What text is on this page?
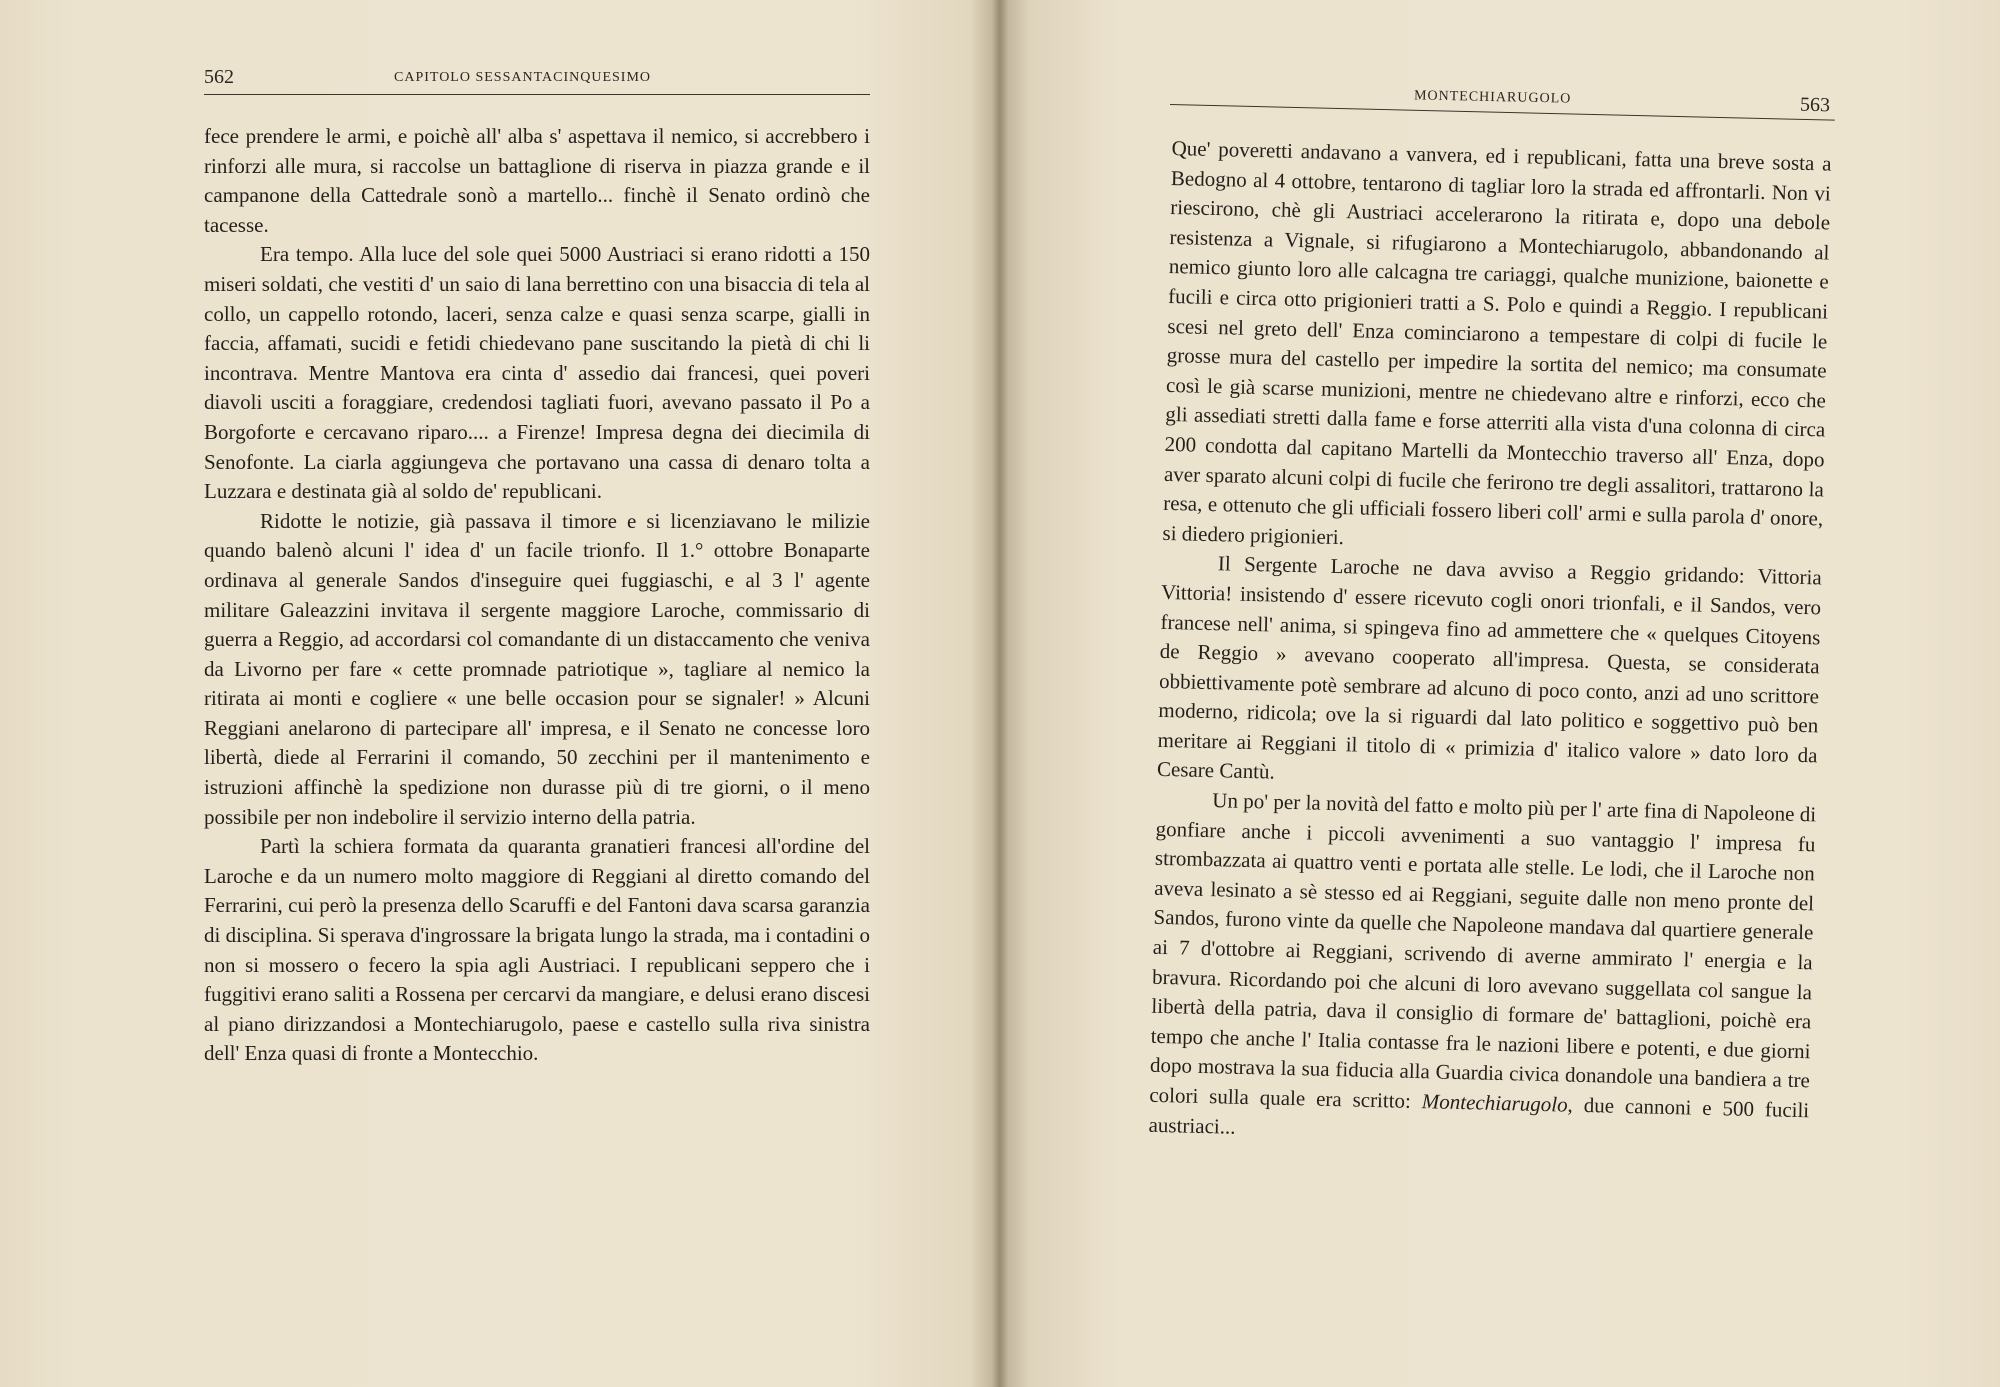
562	CAPITOLO SESSANTACINQUESIMO

fece prendere le armi, e poichè all' alba s' aspettava il nemico, si accrebbero i rinforzi alle mura, si raccolse un battaglione di riserva in piazza grande e il campanone della Cattedrale sonò a martello... finchè il Senato ordinò che tacesse.

Era tempo. Alla luce del sole quei 5000 Austriaci si erano ridotti a 150 miseri soldati, che vestiti d' un saio di lana berrettino con una bisaccia di tela al collo, un cappello rotondo, laceri, senza calze e quasi senza scarpe, gialli in faccia, affamati, sucidi e fetidi chiedevano pane suscitando la pietà di chi li incontrava. Mentre Mantova era cinta d' assedio dai francesi, quei poveri diavoli usciti a foraggiare, credendosi tagliati fuori, avevano passato il Po a Borgoforte e cercavano riparo.... a Firenze! Impresa degna dei diecimila di Senofonte. La ciarla aggiungeva che portavano una cassa di denaro tolta a Luzzara e destinata già al soldo de' republicani.

Ridotte le notizie, già passava il timore e si licenziavano le milizie quando balenò alcuni l' idea d' un facile trionfo. Il 1.° ottobre Bonaparte ordinava al generale Sandos d'inseguire quei fuggiaschi, e al 3 l' agente militare Galeazzini invitava il sergente maggiore Laroche, commissario di guerra a Reggio, ad accordarsi col comandante di un distaccamento che veniva da Livorno per fare « cette promnade patriotique », tagliare al nemico la ritirata ai monti e cogliere « une belle occasion pour se signaler! » Alcuni Reggiani anelarono di partecipare all' impresa, e il Senato ne concesse loro libertà, diede al Ferrarini il comando, 50 zecchini per il mantenimento e istruzioni affinchè la spedizione non durasse più di tre giorni, o il meno possibile per non indebolire il servizio interno della patria.

Partì la schiera formata da quaranta granatieri francesi all'ordine del Laroche e da un numero molto maggiore di Reggiani al diretto comando del Ferrarini, cui però la presenza dello Scaruffi e del Fantoni dava scarsa garanzia di disciplina. Si sperava d'ingrossare la brigata lungo la strada, ma i contadini o non si mossero o fecero la spia agli Austriaci. I republicani seppero che i fuggitivi erano saliti a Rossena per cercarvi da mangiare, e delusi erano discesi al piano dirizzandosi a Montechiarugolo, paese e castello sulla riva sinistra dell' Enza quasi di fronte a Montecchio.

MONTECHIARUGOLO	563

Que' poveretti andavano a vanvera, ed i republicani, fatta una breve sosta a Bedogno al 4 ottobre, tentarono di tagliar loro la strada ed affrontarli. Non vi riescirono, chè gli Austriaci accelerarono la ritirata e, dopo una debole resistenza a Vignale, si rifugiarono a Montechiarugolo, abbandonando al nemico giunto loro alle calcagna tre cariaggi, qualche munizione, baionette e fucili e circa otto prigionieri tratti a S. Polo e quindi a Reggio. I republicani scesi nel greto dell' Enza cominciarono a tempestare di colpi di fucile le grosse mura del castello per impedire la sortita del nemico; ma consumate così le già scarse munizioni, mentre ne chiedevano altre e rinforzi, ecco che gli assediati stretti dalla fame e forse atterriti alla vista d'una colonna di circa 200 condotta dal capitano Martelli da Montecchio traverso all' Enza, dopo aver sparato alcuni colpi di fucile che ferirono tre degli assalitori, trattarono la resa, e ottenuto che gli ufficiali fossero liberi coll' armi e sulla parola d' onore, si diedero prigionieri.

Il Sergente Laroche ne dava avviso a Reggio gridando: Vittoria Vittoria! insistendo d' essere ricevuto cogli onori trionfali, e il Sandos, vero francese nell' anima, si spingeva fino ad ammettere che « quelques Citoyens de Reggio » avevano cooperato all'impresa. Questa, se considerata obbiettivamente potè sembrare ad alcuno di poco conto, anzi ad uno scrittore moderno, ridicola; ove la si riguardi dal lato politico e soggettivo può ben meritare ai Reggiani il titolo di « primizia d' italico valore » dato loro da Cesare Cantù.

Un po' per la novità del fatto e molto più per l' arte fina di Napoleone di gonfiare anche i piccoli avvenimenti a suo vantaggio l' impresa fu strombazzata ai quattro venti e portata alle stelle. Le lodi, che il Laroche non aveva lesinato a sè stesso ed ai Reggiani, seguite dalle non meno pronte del Sandos, furono vinte da quelle che Napoleone mandava dal quartiere generale ai 7 d'ottobre ai Reggiani, scrivendo di averne ammirato l' energia e la bravura. Ricordando poi che alcuni di loro avevano suggellata col sangue la libertà della patria, dava il consiglio di formare de' battaglioni, poichè era tempo che anche l' Italia contasse fra le nazioni libere e potenti, e due giorni dopo mostrava la sua fiducia alla Guardia civica donandole una bandiera a tre colori sulla quale era scritto: Montechiarugolo, due cannoni e 500 fucili austriaci...
